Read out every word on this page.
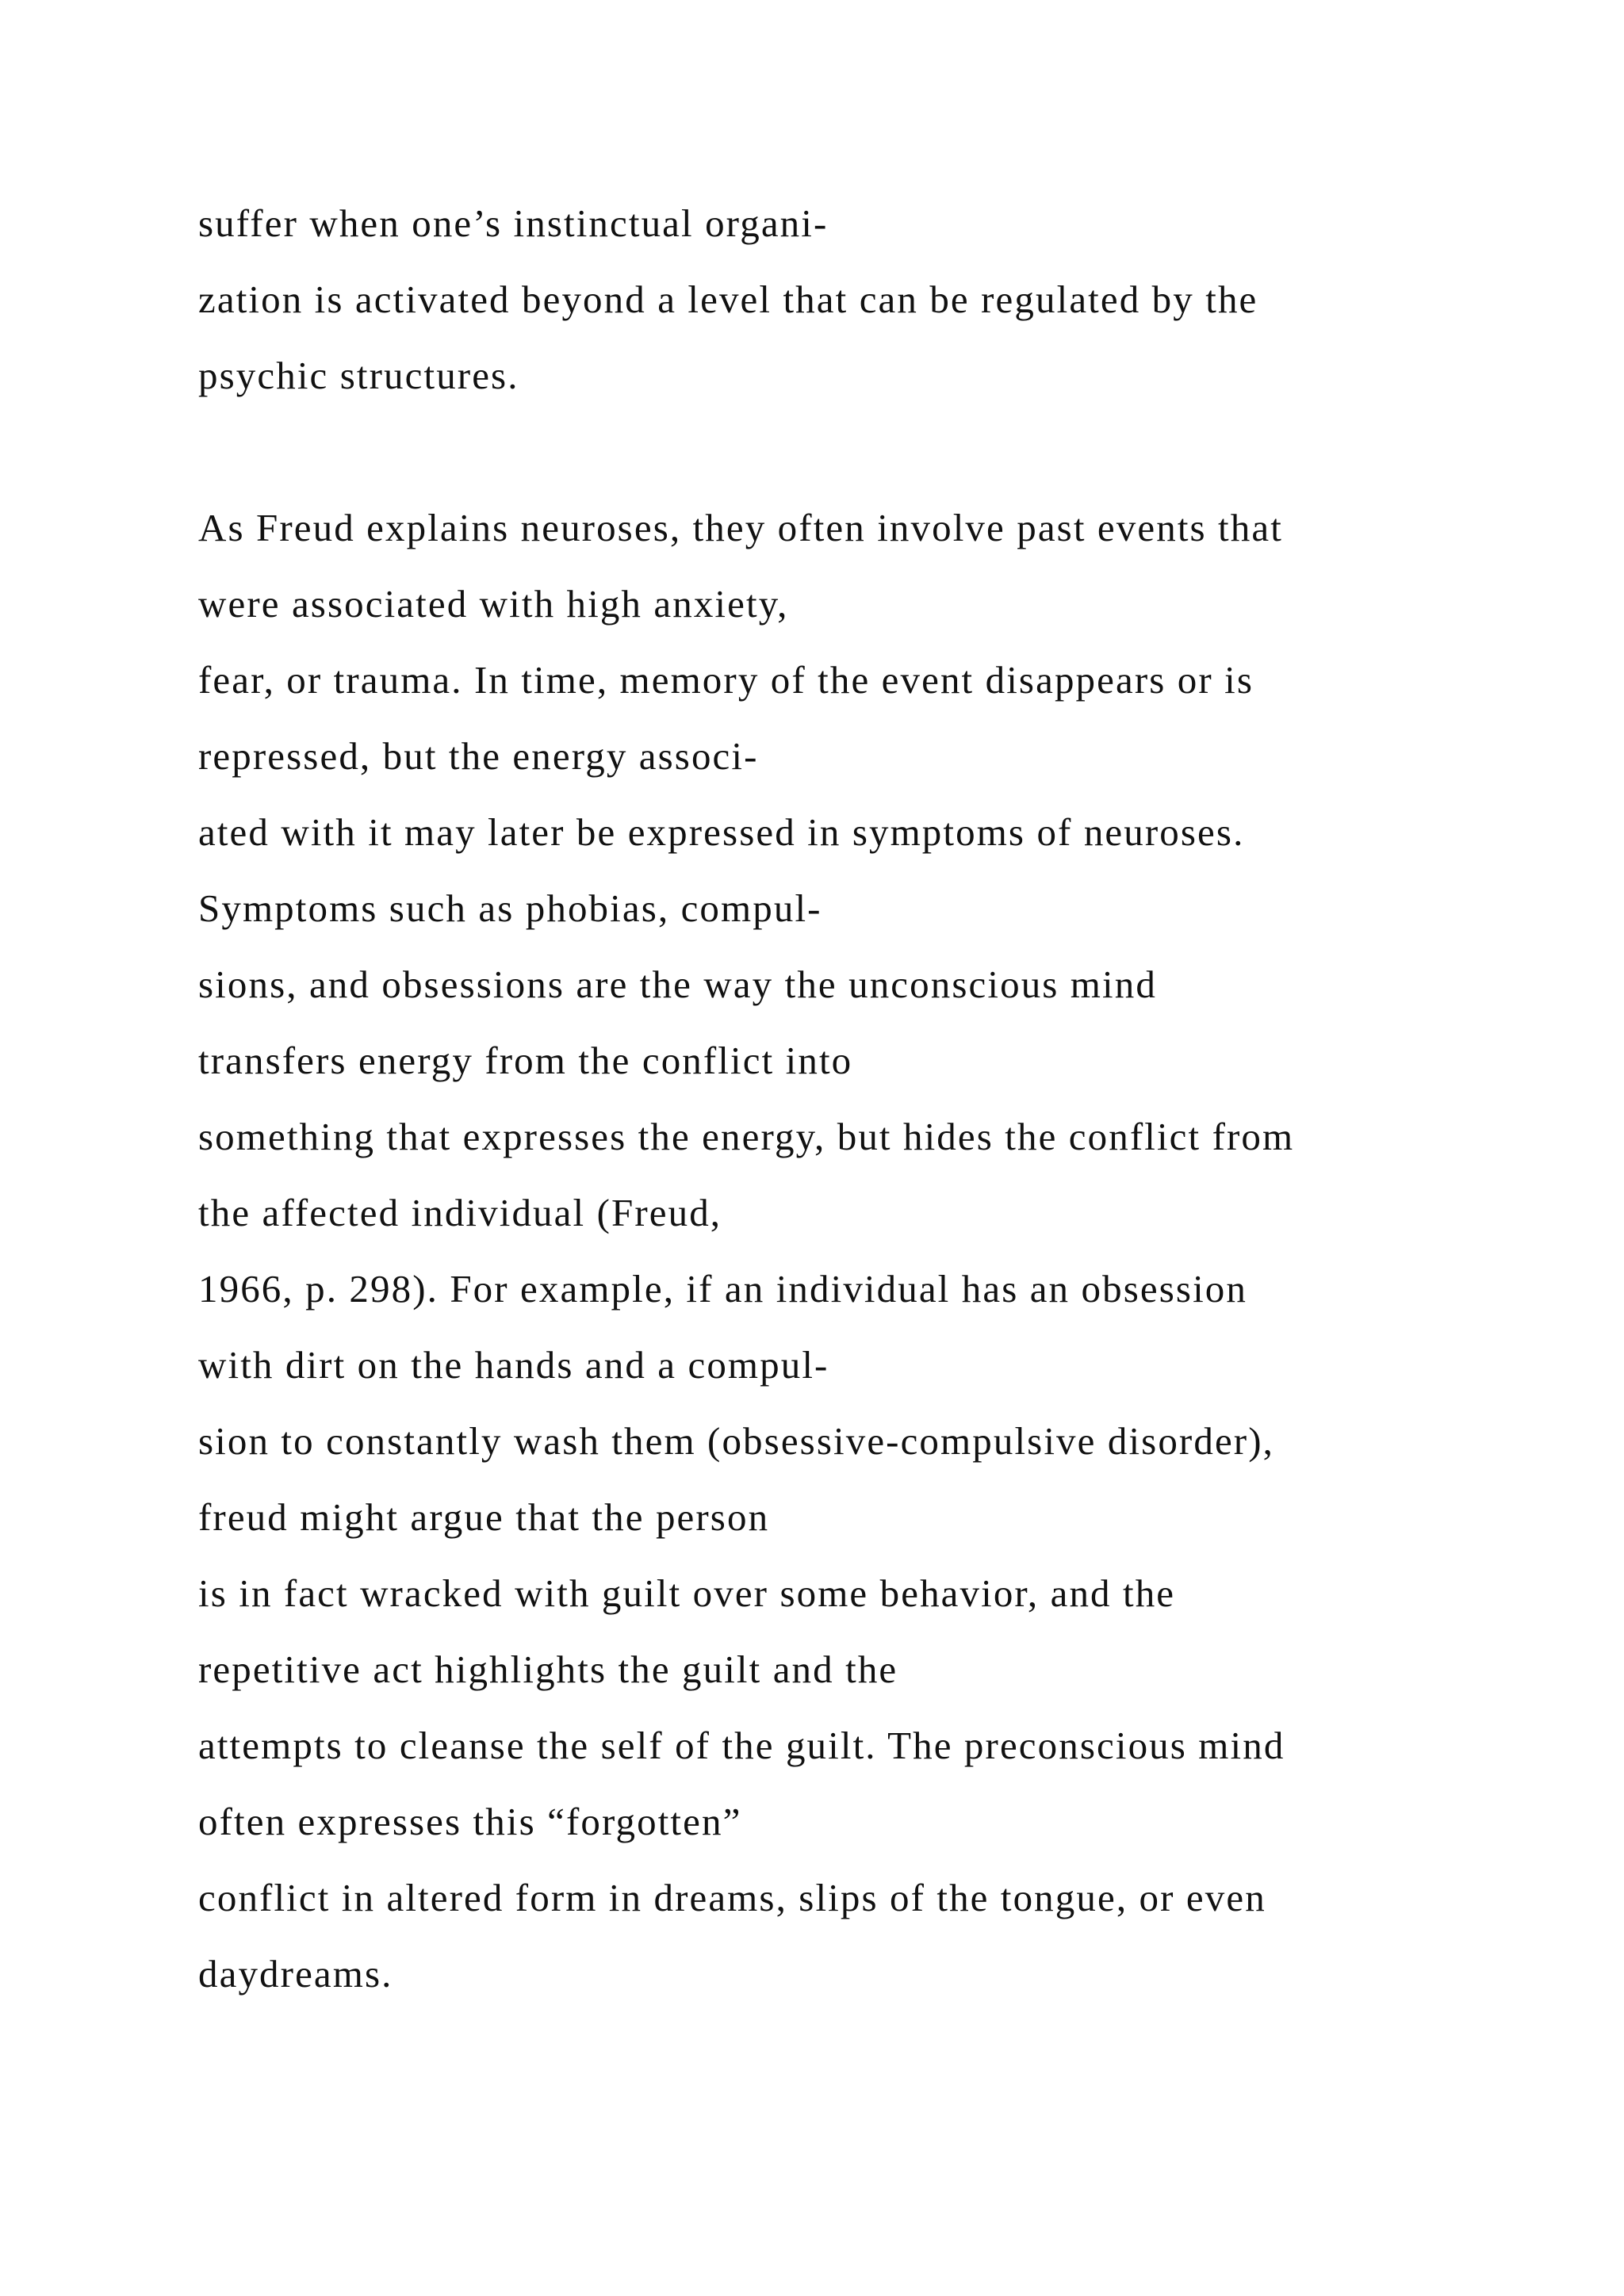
suffer when one’s instinctual organi-
zation is activated beyond a level that can be regulated by the
psychic structures.
As Freud explains neuroses, they often involve past events that
were associated with high anxiety,
fear, or trauma. In time, memory of the event disappears or is
repressed, but the energy associ-
ated with it may later be expressed in symptoms of neuroses.
Symptoms such as phobias, compul-
sions, and obsessions are the way the unconscious mind
transfers energy from the conflict into
something that expresses the energy, but hides the conflict from
the affected individual (Freud,
1966, p. 298). For example, if an individual has an obsession
with dirt on the hands and a compul-
sion to constantly wash them (obsessive-compulsive disorder),
freud might argue that the person
is in fact wracked with guilt over some behavior, and the
repetitive act highlights the guilt and the
attempts to cleanse the self of the guilt. The preconscious mind
often expresses this “forgotten”
conflict in altered form in dreams, slips of the tongue, or even
daydreams.
